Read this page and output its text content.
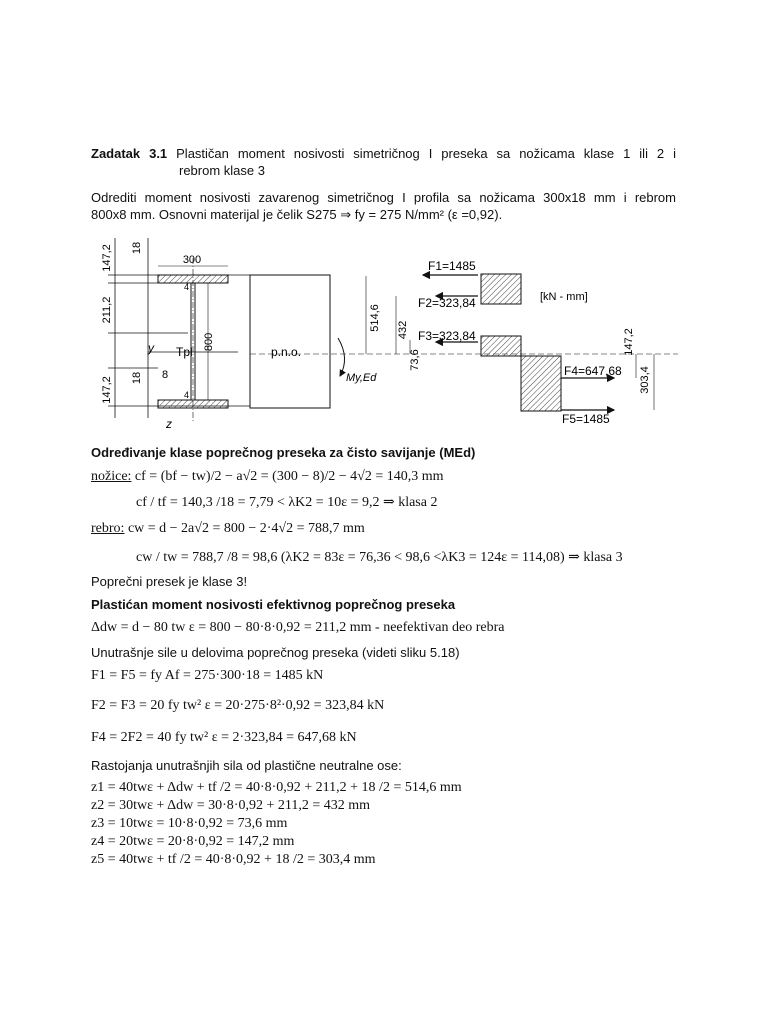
Zadatak 3.1 Plastičan moment nosivosti simetričnog I preseka sa nožicama klase 1 ili 2 i
rebrom klase 3
Odrediti moment nosivosti zavarenog simetričnog I profila sa nožicama 300x18 mm i rebrom
800x8 mm. Osnovni materijal je čelik S275 ⇒ fy = 275 N/mm² (ε =0,92).
147,2 18
211,2
18
147,2
300
4
4
800
8
y Tpl
z
p.n.o.
My,Ed
514,6 432
73,6
F1=1485
F2=323,84
F3=323,84
F4=647,68
F5=1485
[kN - mm]
147,2
303,4
Određivanje klase poprečnog preseka za čisto savijanje (MEd)
nožice: cf = (bf − tw)/2 − a√2 = (300 − 8)/2 − 4√2 = 140,3 mm
cf / tf = 140,3 /18 = 7,79 < λK2 = 10ε = 9,2 ⇒ klasa 2
rebro: cw = d − 2a√2 = 800 − 2·4√2 = 788,7 mm
cw / tw = 788,7 /8 = 98,6 (λK2 = 83ε = 76,36 < 98,6 <λK3 = 124ε = 114,08) ⇒ klasa 3
Poprečni presek je klase 3!
Plastićan moment nosivosti efektivnog poprečnog preseka
Δdw = d − 80 tw ε = 800 − 80·8·0,92 = 211,2 mm - neefektivan deo rebra
Unutrašnje sile u delovima poprečnog preseka (videti sliku 5.18)
F1 = F5 = fy Af = 275·300·18 = 1485 kN
F2 = F3 = 20 fy tw² ε = 20·275·8²·0,92 = 323,84 kN
F4 = 2F2 = 40 fy tw² ε = 2·323,84 = 647,68 kN
Rastojanja unutrašnjih sila od plastične neutralne ose:
z1 = 40twε + Δdw + tf /2 = 40·8·0,92 + 211,2 + 18 /2 = 514,6 mm
z2 = 30twε + Δdw = 30·8·0,92 + 211,2 = 432 mm
z3 = 10twε = 10·8·0,92 = 73,6 mm
z4 = 20twε = 20·8·0,92 = 147,2 mm
z5 = 40twε + tf /2 = 40·8·0,92 + 18 /2 = 303,4 mm
